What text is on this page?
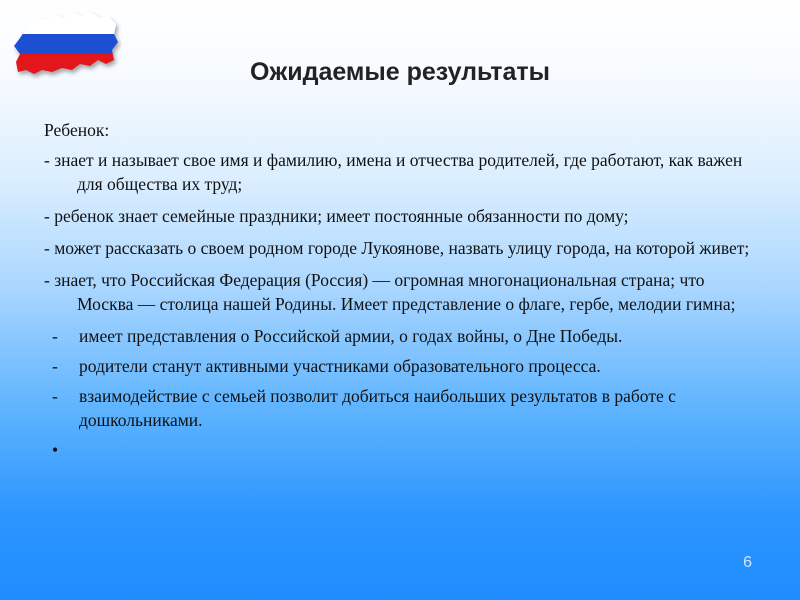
Ожидаемые результаты

Ребенок:

- знает и называет свое имя и фамилию, имена и отчества родителей, где работают, как важен для общества их труд;

- ребенок знает семейные праздники; имеет постоянные обязанности по дому;

- может рассказать о своем родном городе Лукоянове, назвать улицу города, на которой живет;

- знает, что Российская Федерация (Россия) — огромная многонациональная страна; что Москва — столица нашей Родины. Имеет представление о флаге, гербе, мелодии гимна;

- имеет представления о Российской армии, о годах войны, о Дне Победы.
- родители станут активными участниками образовательного процесса.
- взаимодействие с семьей позволит добиться наибольших результатов в работе с дошкольниками.
•
6
